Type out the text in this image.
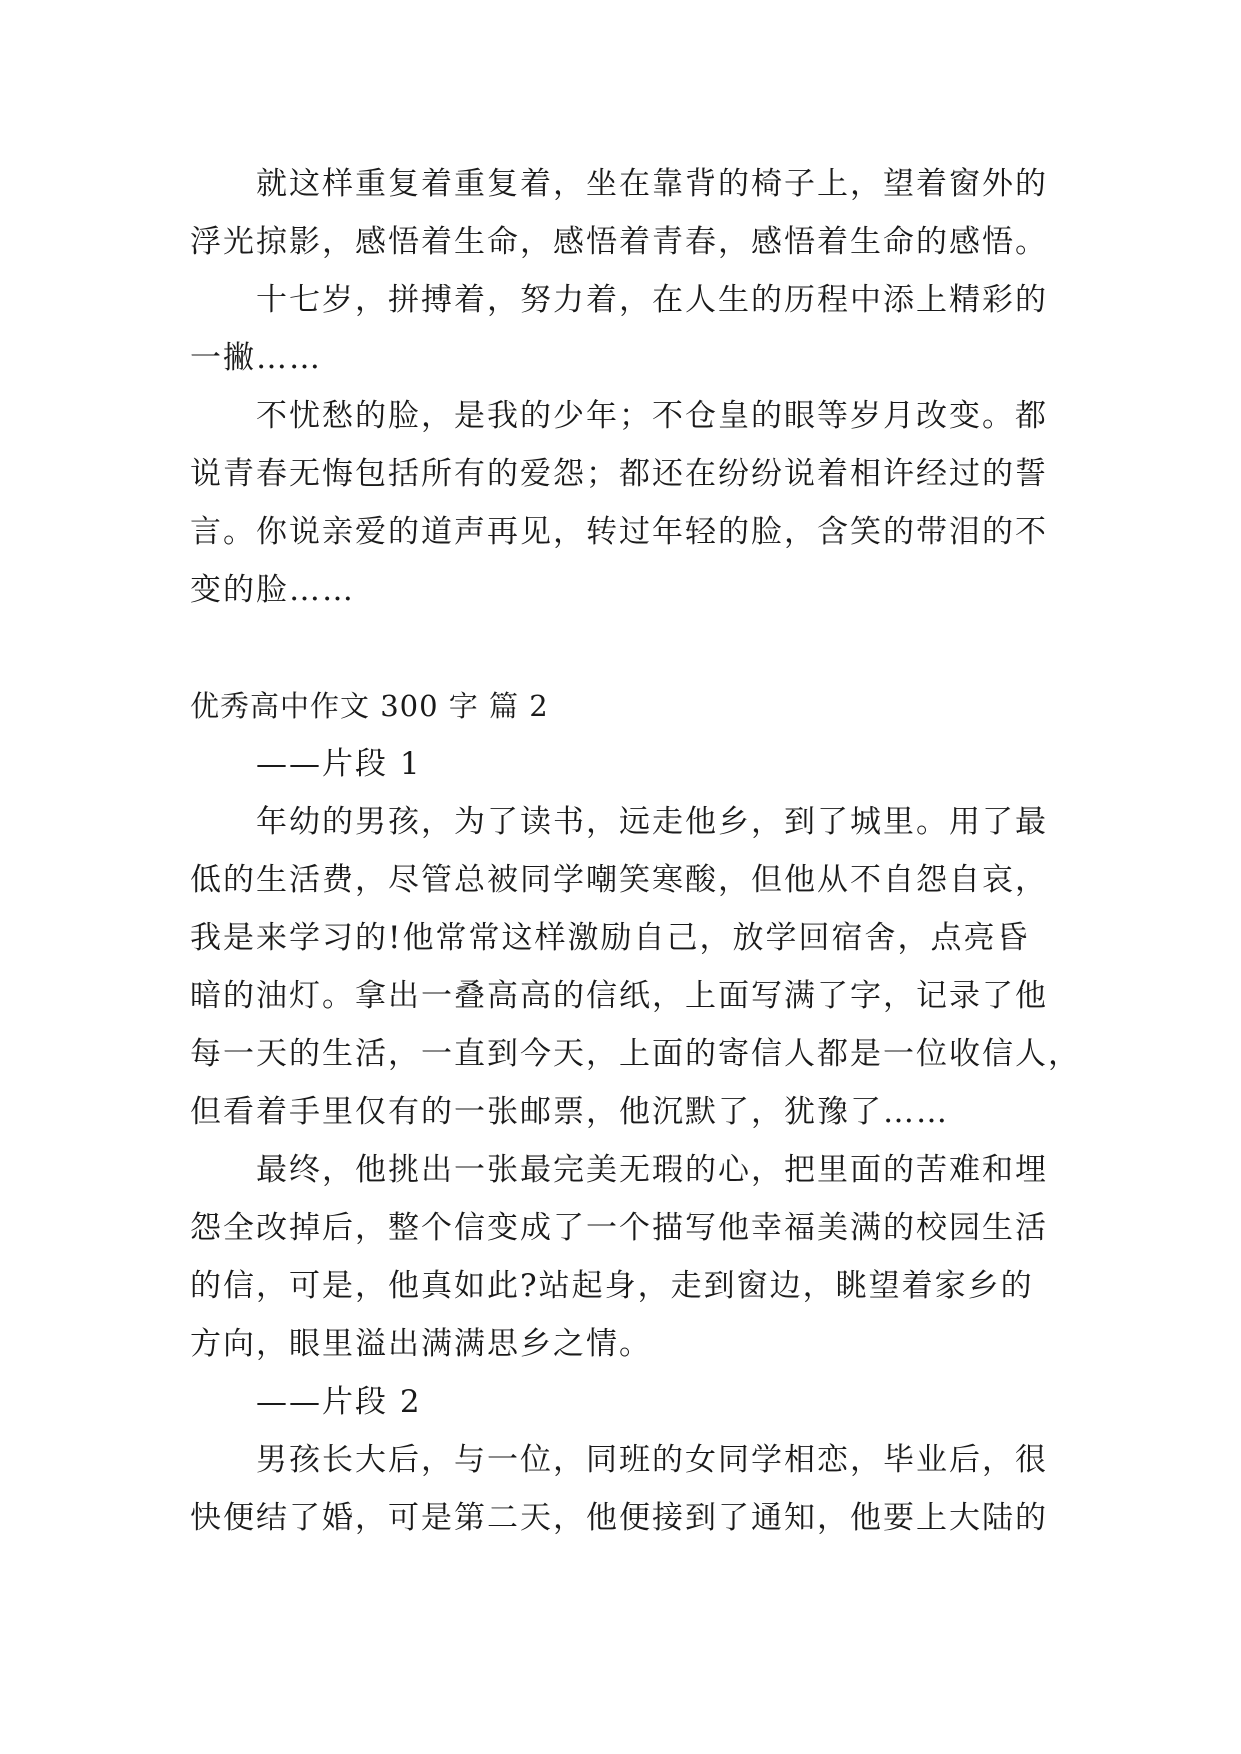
就这样重复着重复着，坐在靠背的椅子上，望着窗外的
浮光掠影，感悟着生命，感悟着青春，感悟着生命的感悟。
十七岁，拼搏着，努力着，在人生的历程中添上精彩的
一撇……
不忧愁的脸，是我的少年；不仓皇的眼等岁月改变。都
说青春无悔包括所有的爱怨；都还在纷纷说着相许经过的誓
言。你说亲爱的道声再见，转过年轻的脸，含笑的带泪的不
变的脸……
优秀高中作文 300 字 篇 2
——片段 1
年幼的男孩，为了读书，远走他乡，到了城里。用了最
低的生活费，尽管总被同学嘲笑寒酸，但他从不自怨自哀，
我是来学习的!他常常这样激励自己，放学回宿舍，点亮昏
暗的油灯。拿出一叠高高的信纸，上面写满了字，记录了他
每一天的生活，一直到今天，上面的寄信人都是一位收信人，
但看着手里仅有的一张邮票，他沉默了，犹豫了……
最终，他挑出一张最完美无瑕的心，把里面的苦难和埋
怨全改掉后，整个信变成了一个描写他幸福美满的校园生活
的信，可是，他真如此?站起身，走到窗边，眺望着家乡的
方向，眼里溢出满满思乡之情。
——片段 2
男孩长大后，与一位，同班的女同学相恋，毕业后，很
快便结了婚，可是第二天，他便接到了通知，他要上大陆的
